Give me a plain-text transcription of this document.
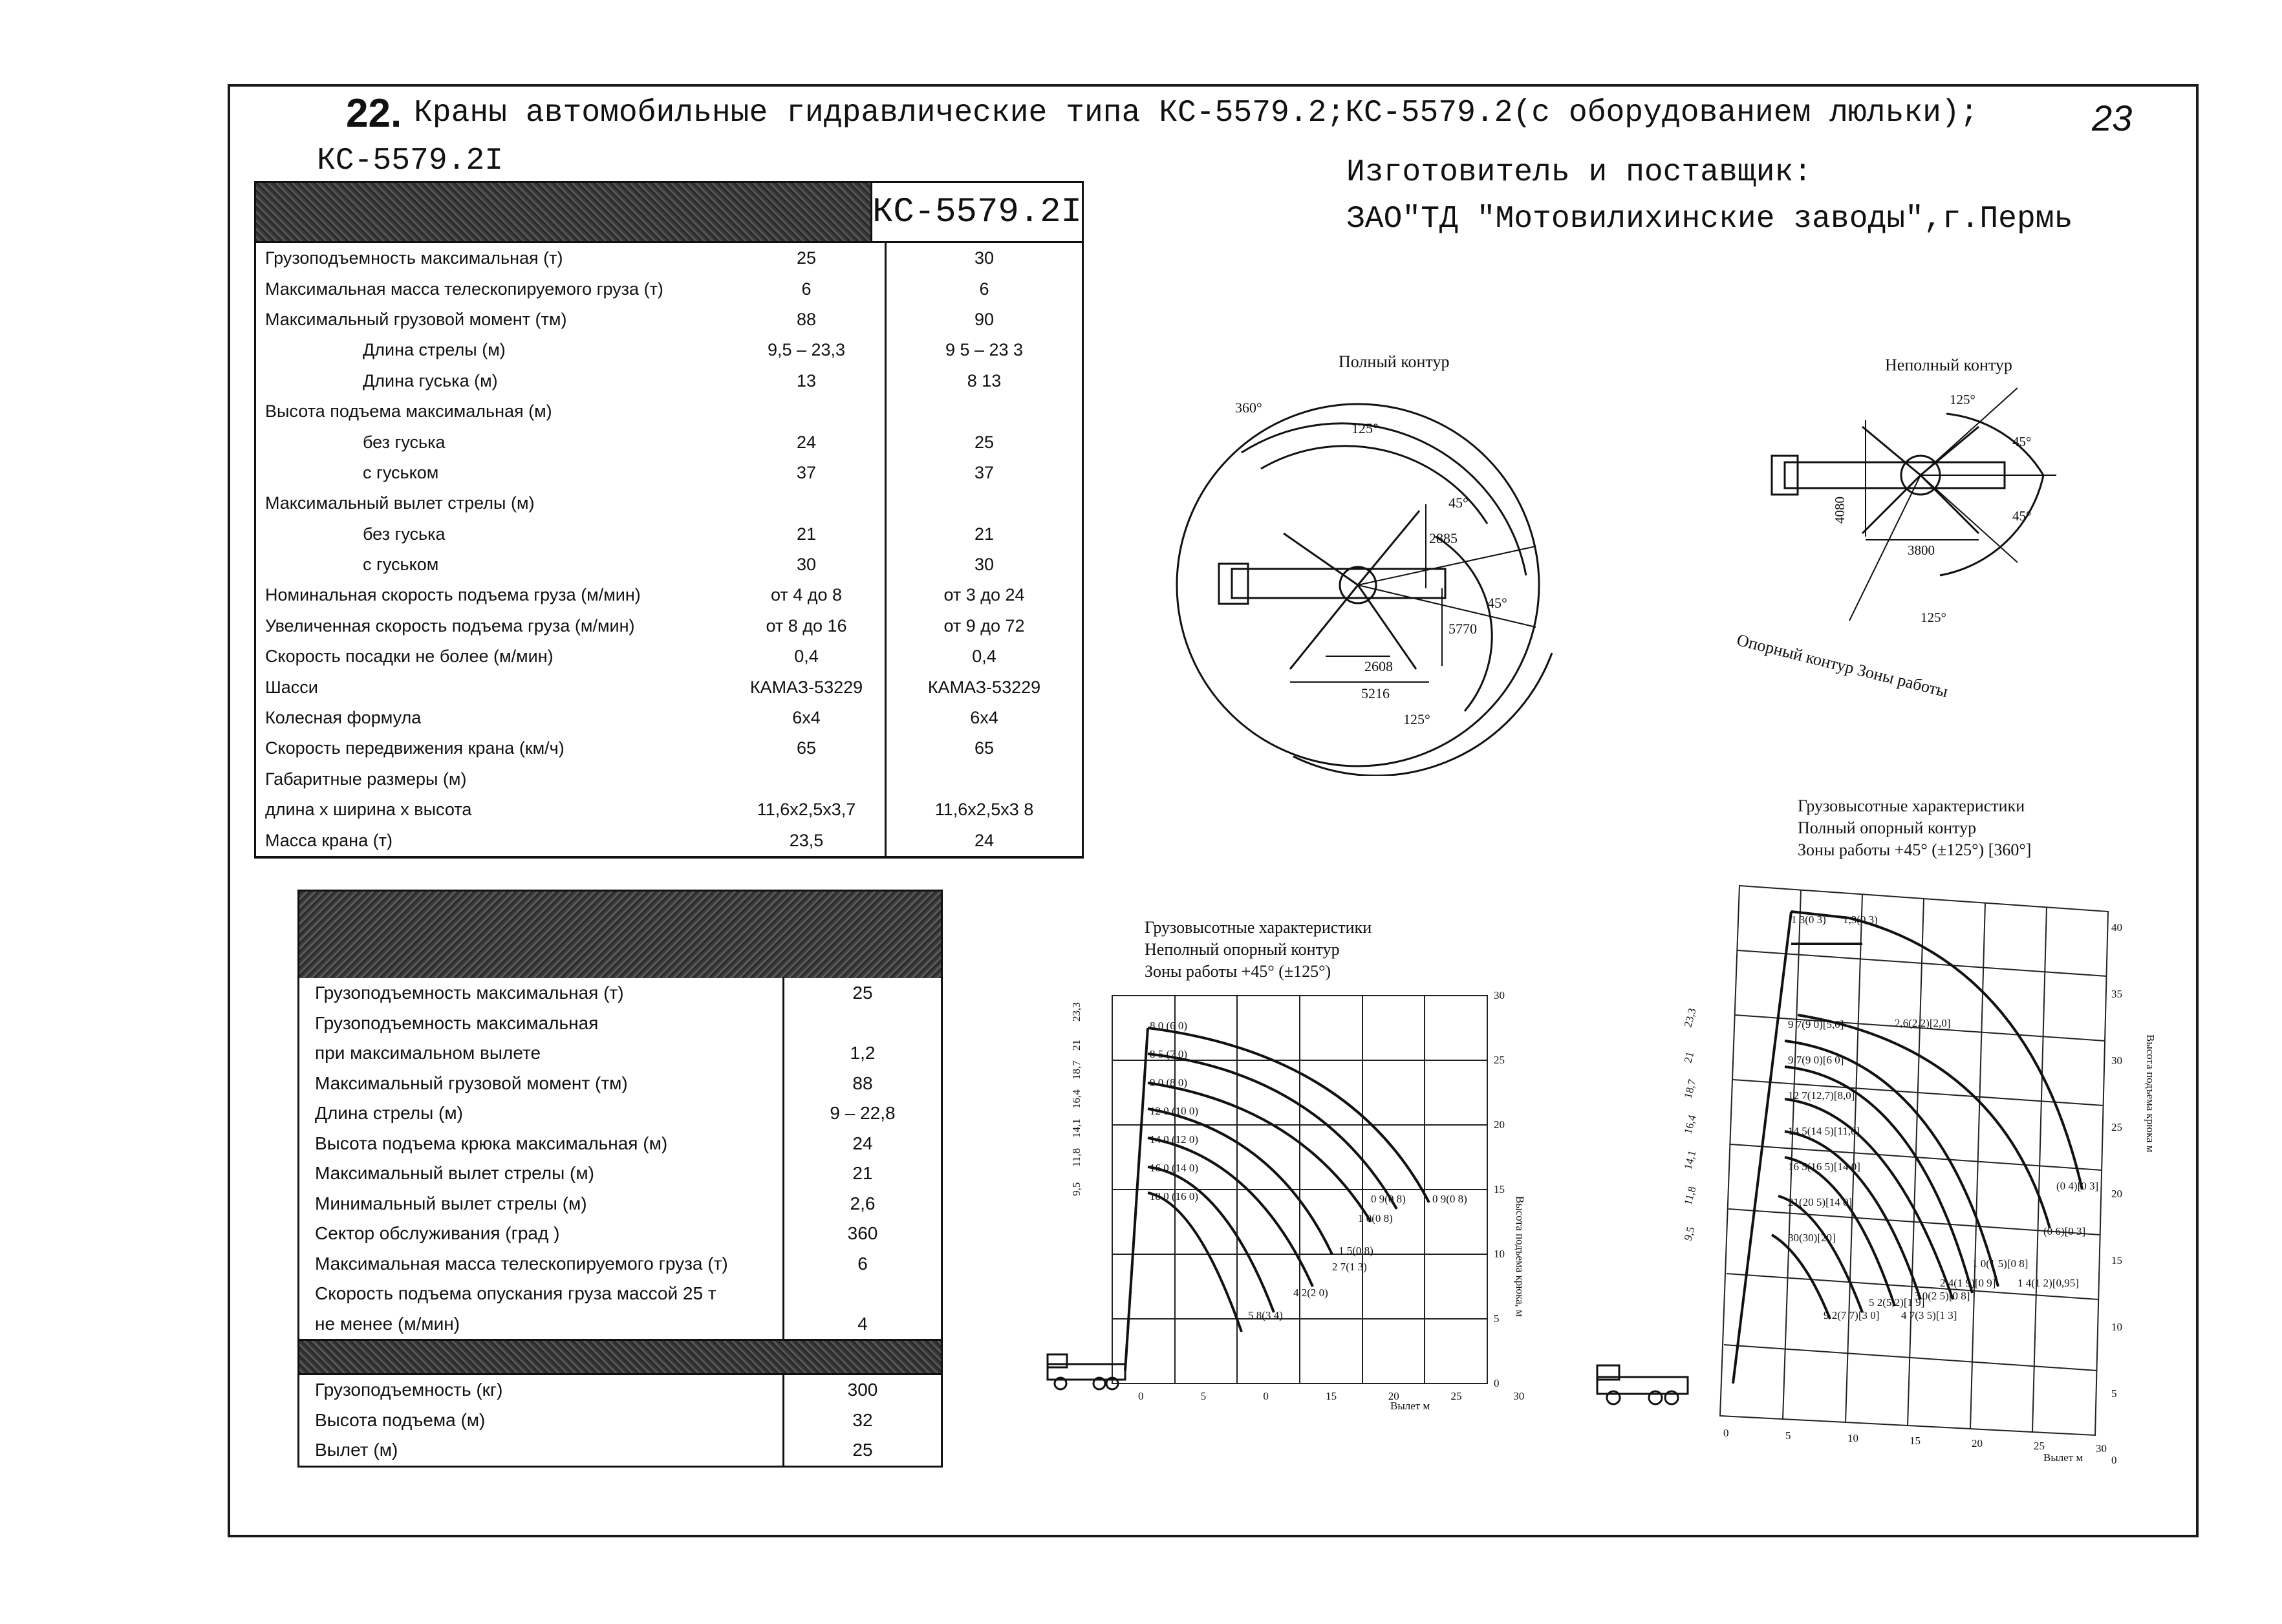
22. Краны автомобильные гидравлические типа КС-5579.2;КС-5579.2(с оборудованием люльки);
КС-5579.2I
23
Изготовитель и поставщик:
ЗАО"ТД "Мотовилихинские заводы",г.Пермь
КС-5579.2I
Грузоподъемность максимальная (т)	25	30
Максимальная масса телескопируемого груза (т)	6	6
Максимальный грузовой момент (тм)	88	90
Длина стрелы (м)	9,5 – 23,3	9 5 – 23 3
Длина гуська (м)	13	8 13
Высота подъема максимальная (м)
без гуська	24	25
с гуськом	37	37
Максимальный вылет стрелы (м)
без гуська	21	21
с гуськом	30	30
Номинальная скорость подъема груза (м/мин)	от 4 до 8	от 3 до 24
Увеличенная скорость подъема груза (м/мин)	от 8 до 16	от 9 до 72
Скорость посадки не более (м/мин)	0,4	0,4
Шасси	КАМАЗ-53229	КАМАЗ-53229
Колесная формула	6х4	6х4
Скорость передвижения крана (км/ч)	65	65
Габаритные размеры (м)
длина х ширина х высота	11,6х2,5х3,7	11,6х2,5х3 8
Масса крана (т)	23,5	24
Грузоподъемность максимальная (т)	25
Грузоподъемность максимальная
при максимальном вылете	1,2
Максимальный грузовой момент (тм)	88
Длина стрелы (м)	9 – 22,8
Высота подъема крюка максимальная (м)	24
Максимальный вылет стрелы (м)	21
Минимальный вылет стрелы (м)	2,6
Сектор обслуживания (град )	360
Максимальная масса телескопируемого груза (т)	6
Скорость подъема опускания груза массой 25 т
не менее (м/мин)	4
Грузоподъемность (кг)	300
Высота подъема (м)	32
Вылет (м)	25
Полный контур	Неполный контур
360°
125°
45°
45°
125°
2885
5770
2608
5216
125°
45°
45°
4080
3800
125°
Опорный контур Зоны работы
Грузовысотные характеристики
Неполный опорный контур
Зоны работы +45° (±125°)
0	5	0	15	20	25	30
30
25
20
15
10
5
0
23,3
21
18,7
16,4
14,1
11,8
9,5
8 0 (6 0)
8 5 (7 0)
9 0 (8 0)
12 0 (10 0)
14 0 (12 0)
16 0 (14 0)
18 0 (16 0)	0 9(0 8)
0 9(0 8)
1 0(0 8)
1 5(0 8)
2 7(1 3)
4 2(2 0)
5 8(3 4)
Вылет м
Высота подъема крюка, м
Грузовысотные характеристики
Полный опорный контур
Зоны работы +45° (±125°) [360°]
0	5	10	15	20	25	30
40
35
30
25
20
15
10
5
0
23,3
21
18,7
16,4
14,1
11,8
9,5
1 3(0 3) 1,3(0 3)
2,6(2,2)[2,0]
9 7(9 0)[5,0]
9 7(9 0)[6 0]
12 7(12,7)[8,0]
14 5(14 5)[11,0]
16 5(16 5)[14 0]
21(20 5)[14 0]
30(30)[20]
(0 4)[0 3]
(0 6)[0 3]
1 4(1 2)[0,95]
1 0(1 5)[0 8]
2 4(1 9)[0 9]
3 0(2 5)[0 8]
4 7(3 5)[1 3]
5 2(5,2)[1 9]
9 2(7 7)[3 0]
Вылет м
Высота подъема крюка м
